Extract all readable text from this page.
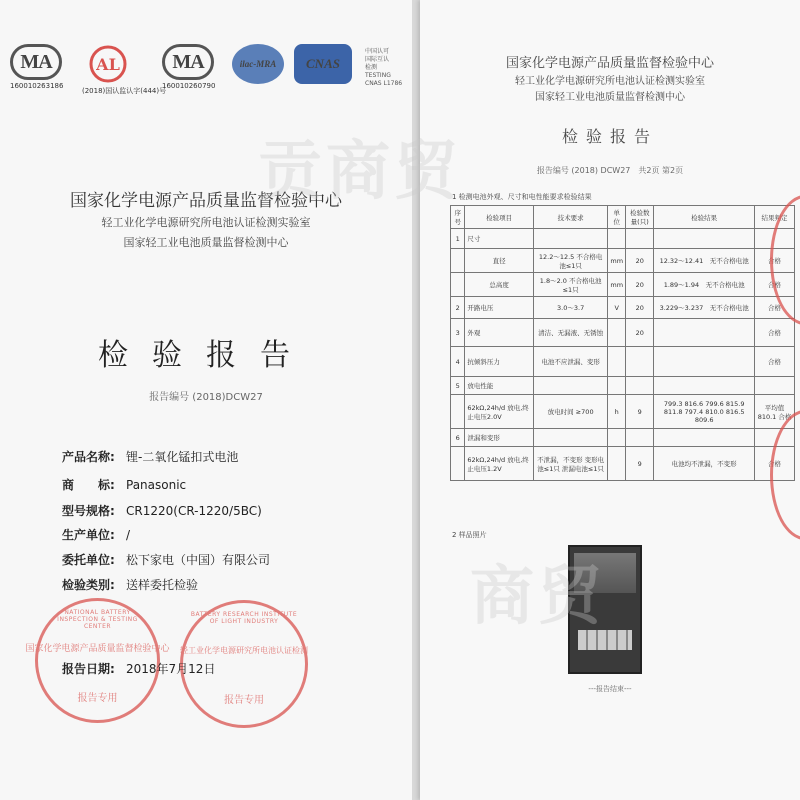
MA
160010263186
AL
(2018)国认监认字(444)号
MA
160010260790
ilac-MRA	CNAS
中国认可
国际互认
检测
TESTING
CNAS L1786
国家化学电源产品质量监督检验中心
轻工业化学电源研究所电池认证检测实验室
国家轻工业电池质量监督检测中心
检验报告
报告编号 (2018)DCW27
产品名称: 锂-二氧化锰扣式电池
商　　标: Panasonic
型号规格: CR1220(CR-1220/5BC)
生产单位: /
委托单位: 松下家电（中国）有限公司
检验类别: 送样委托检验
NATIONAL BATTERY INSPECTION & TESTING CENTER
国家化学电源产品质量监督检验中心
报告专用
BATTERY RESEARCH INSTITUTE OF LIGHT INDUSTRY
轻工业化学电源研究所电池认证检测
报告专用
报告日期: 2018年7月12日
国家化学电源产品质量监督检验中心
轻工业化学电源研究所电池认证检测实验室
国家轻工业电池质量监督检测中心
检验报告
报告编号 (2018) DCW27　共2页 第2页
1 检测电池外观、尺寸和电性能要求检验结果
序号	检验项目	技术要求	单位	检验数量(只)	检验结果	结果判定
1	尺寸					
	直径	12.2～12.5 不合格电池≤1只	mm	20	12.32～12.41　无不合格电池	合格
	总高度	1.8～2.0 不合格电池≤1只	mm	20	1.89～1.94　无不合格电池	合格
2	开路电压	3.0～3.7	V	20	3.229～3.237　无不合格电池	合格
3	外观	清洁、无漏液、无锈蚀		20		合格
4	抗倾斜压力	电池不应泄漏、变形				合格
5	放电性能					
	62kΩ,24h/d 放电,终止电压2.0V	放电时间 ≥700	h	9	799.3 816.6 799.6 815.9 811.8 797.4 810.0 816.5 809.6	平均值 810.1 合格
6	泄漏和变形					
	62kΩ,24h/d 放电,终止电压1.2V	不泄漏，不变形 变形电池≤1只 泄漏电池≤1只		9	电池均不泄漏，不变形	合格
2 样品照片
---报告结束---
贡商贸
商贸
